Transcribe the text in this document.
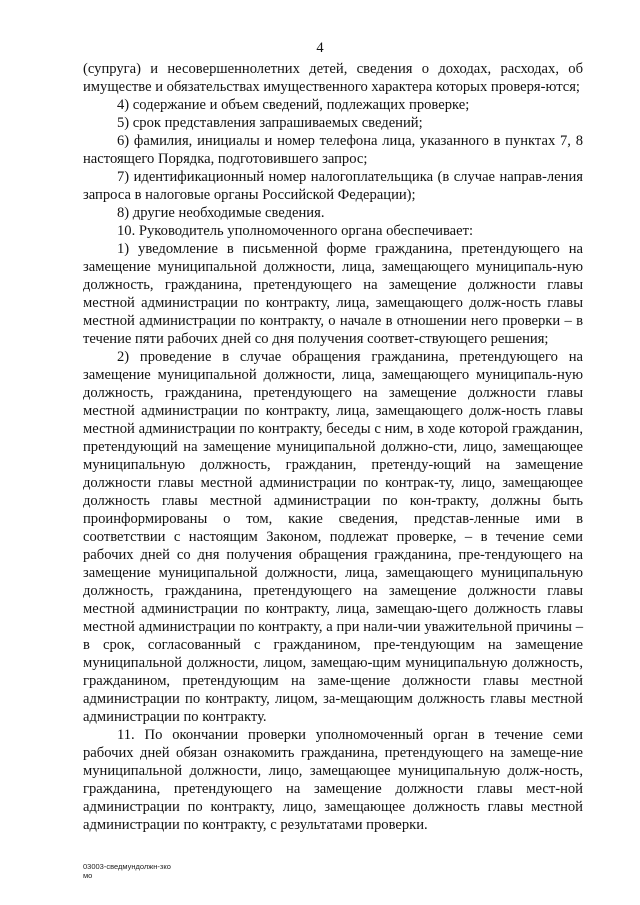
4

(супруга) и несовершеннолетних детей, сведения о доходах, расходах, об имуществе и обязательствах имущественного характера которых проверя-ются;

4) содержание и объем сведений, подлежащих проверке;

5) срок представления запрашиваемых сведений;

6) фамилия, инициалы и номер телефона лица, указанного в пунктах 7, 8 настоящего Порядка, подготовившего запрос;

7) идентификационный номер налогоплательщика (в случае направ-ления запроса в налоговые органы Российской Федерации);

8) другие необходимые сведения.

10. Руководитель уполномоченного органа обеспечивает:

1) уведомление в письменной форме гражданина, претендующего на замещение муниципальной должности, лица, замещающего муниципаль-ную должность, гражданина, претендующего на замещение должности главы местной администрации по контракту, лица, замещающего долж-ность главы местной администрации по контракту, о начале в отношении него проверки – в течение пяти рабочих дней со дня получения соответ-ствующего решения;

2) проведение в случае обращения гражданина, претендующего на замещение муниципальной должности, лица, замещающего муниципаль-ную должность, гражданина, претендующего на замещение должности главы местной администрации по контракту, лица, замещающего долж-ность главы местной администрации по контракту, беседы с ним, в ходе которой гражданин, претендующий на замещение муниципальной должно-сти, лицо, замещающее муниципальную должность, гражданин, претенду-ющий на замещение должности главы местной администрации по контрак-ту, лицо, замещающее должность главы местной администрации по кон-тракту, должны быть проинформированы о том, какие сведения, представ-ленные ими в соответствии с настоящим Законом, подлежат проверке, – в течение семи рабочих дней со дня получения обращения гражданина, пре-тендующего на замещение муниципальной должности, лица, замещающего муниципальную должность, гражданина, претендующего на замещение должности главы местной администрации по контракту, лица, замещаю-щего должность главы местной администрации по контракту, а при нали-чии уважительной причины – в срок, согласованный с гражданином, пре-тендующим на замещение муниципальной должности, лицом, замещаю-щим муниципальную должность, гражданином, претендующим на заме-щение должности главы местной администрации по контракту, лицом, за-мещающим должность главы местной администрации по контракту.

11. По окончании проверки уполномоченный орган в течение семи рабочих дней обязан ознакомить гражданина, претендующего на замеще-ние муниципальной должности, лицо, замещающее муниципальную долж-ность, гражданина, претендующего на замещение должности главы мест-ной администрации по контракту, лицо, замещающее должность главы местной администрации по контракту, с результатами проверки.

03003-сведмундолжн-зко
мо
